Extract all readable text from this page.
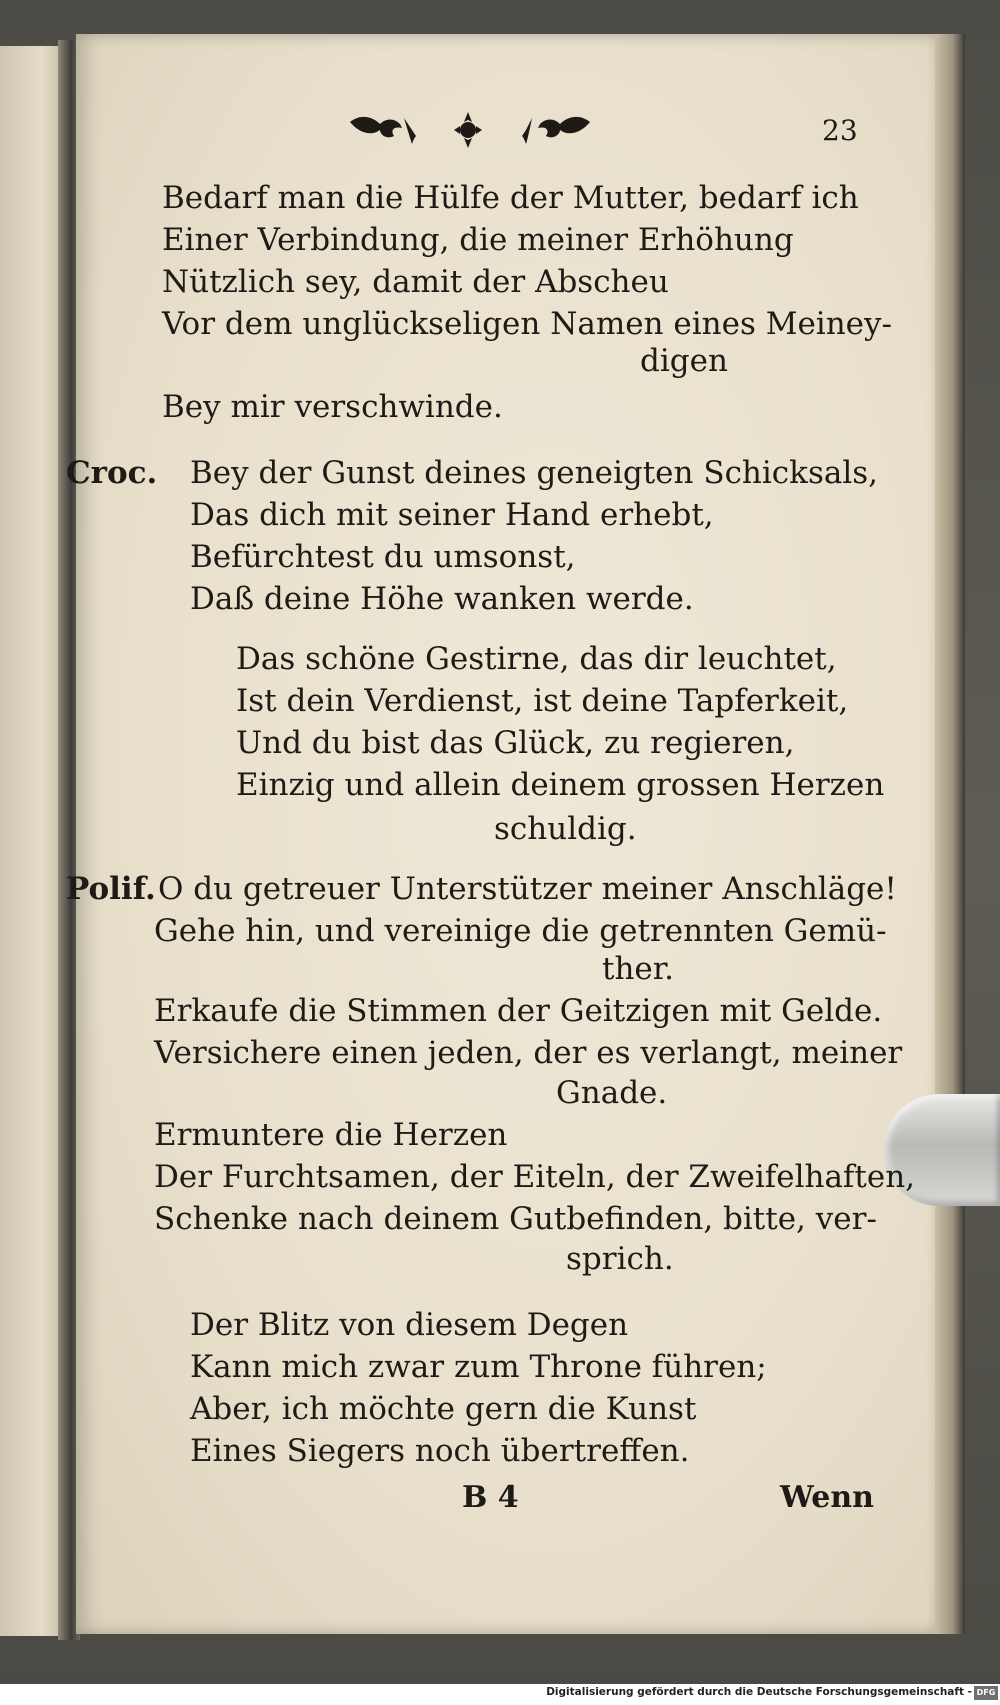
23
Bedarf man die Hülfe der Mutter, bedarf ich
Einer Verbindung, die meiner Erhöhung
Nützlich sey, damit der Abscheu
Vor dem unglückseligen Namen eines Meiney-
digen
Bey mir verschwinde.
Croc. Bey der Gunst deines geneigten Schicksals,
Das dich mit seiner Hand erhebt,
Befürchtest du umsonst,
Daß deine Höhe wanken werde.
Das schöne Gestirne, das dir leuchtet,
Ist dein Verdienst, ist deine Tapferkeit,
Und du bist das Glück, zu regieren,
Einzig und allein deinem grossen Herzen
schuldig.
Polif. O du getreuer Unterstützer meiner Anschläge!
Gehe hin, und vereinige die getrennten Gemü-
ther.
Erkaufe die Stimmen der Geitzigen mit Gelde.
Versichere einen jeden, der es verlangt, meiner
Gnade.
Ermuntere die Herzen
Der Furchtsamen, der Eiteln, der Zweifelhaften,
Schenke nach deinem Gutbefinden, bitte, ver-
sprich.
Der Blitz von diesem Degen
Kann mich zwar zum Throne führen;
Aber, ich möchte gern die Kunst
Eines Siegers noch übertreffen.
B 4	Wenn
Digitalisierung gefördert durch die Deutsche Forschungsgemeinschaft - DFG
